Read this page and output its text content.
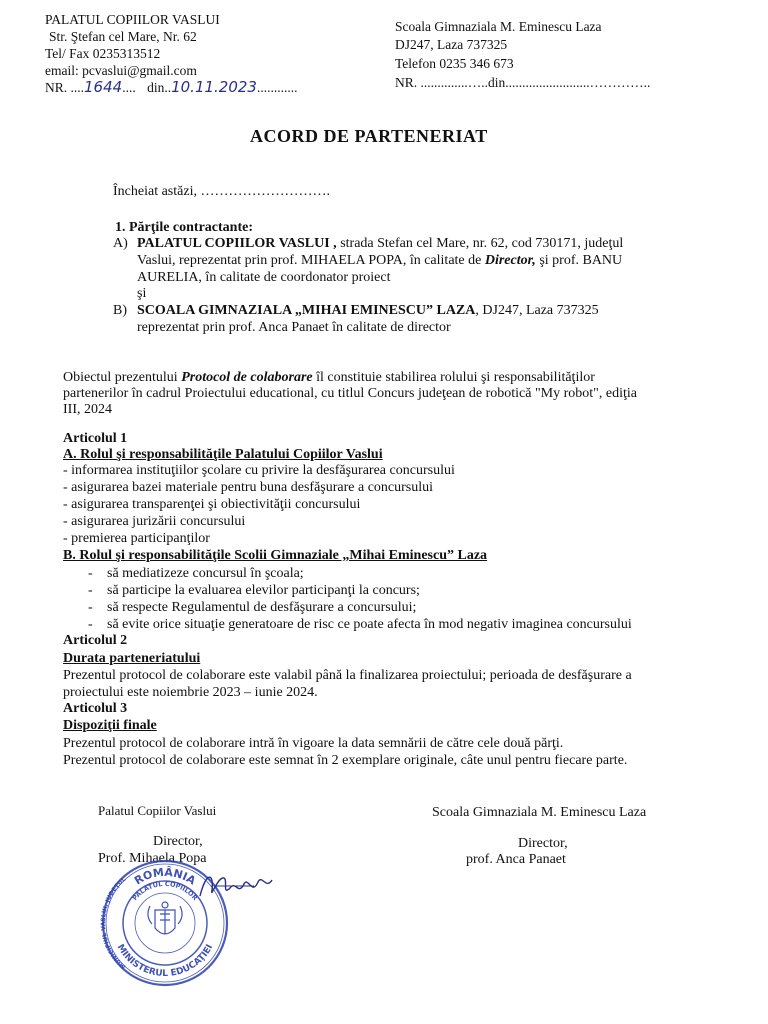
PALATUL COPIILOR VASLUI
Str. Ştefan cel Mare, Nr. 62
Tel/ Fax 0235313512
email: pcvaslui@gmail.com
NR. ....1644.... din..10.11.2023............
Scoala Gimnaziala M. Eminescu Laza
DJ247, Laza 737325
Telefon 0235 346 673
NR. ..............…..din.........................…………..
ACORD DE PARTENERIAT
Încheiat astăzi, ……………………….
1. Părţile contractante:
A) PALATUL COPIILOR VASLUI , strada Stefan cel Mare, nr. 62, cod 730171, judeţul
Vaslui, reprezentat prin prof. MIHAELA POPA, în calitate de Director, şi prof. BANU
AURELIA, în calitate de coordonator proiect
şi
B) SCOALA GIMNAZIALA „MIHAI EMINESCU” LAZA, DJ247, Laza 737325
reprezentat prin prof. Anca Panaet în calitate de director
Obiectul prezentului Protocol de colaborare îl constituie stabilirea rolului şi responsabilităţilor
partenerilor în cadrul Proiectului educational, cu titlul Concurs judeţean de robotică "My robot", ediţia
III, 2024
Articolul 1
A. Rolul şi responsabilităţile Palatului Copiilor Vaslui
- informarea instituţiilor şcolare cu privire la desfăşurarea concursului
- asigurarea bazei materiale pentru buna desfăşurare a concursului
- asigurarea transparenţei şi obiectivităţii concursului
- asigurarea jurizării concursului
- premierea participanţilor
B. Rolul şi responsabilităţile Scolii Gimnaziale „Mihai Eminescu” Laza
- să mediatizeze concursul în şcoala;
- să participe la evaluarea elevilor participanţi la concurs;
- să respecte Regulamentul de desfăşurare a concursului;
- să evite orice situaţie generatoare de risc ce poate afecta în mod negativ imaginea concursului
Articolul 2
Durata parteneriatului
Prezentul protocol de colaborare este valabil până la finalizarea proiectului; perioada de desfăşurare a
proiectului este noiembrie 2023 – iunie 2024.
Articolul 3
Dispoziţii finale
Prezentul protocol de colaborare intră în vigoare la data semnării de către cele două părţi.
Prezentul protocol de colaborare este semnat în 2 exemplare originale, câte unul pentru fiecare parte.
Palatul Copiilor Vaslui
Director,
Prof. Mihaela Popa
Scoala Gimnaziala M. Eminescu Laza
Director,
prof. Anca Panaet
ROMÂNIA
MINISTERUL EDUCAŢIEI
PALATUL COPIILOR
MUNICIPIUL VASLUI, JUDEŢUL
